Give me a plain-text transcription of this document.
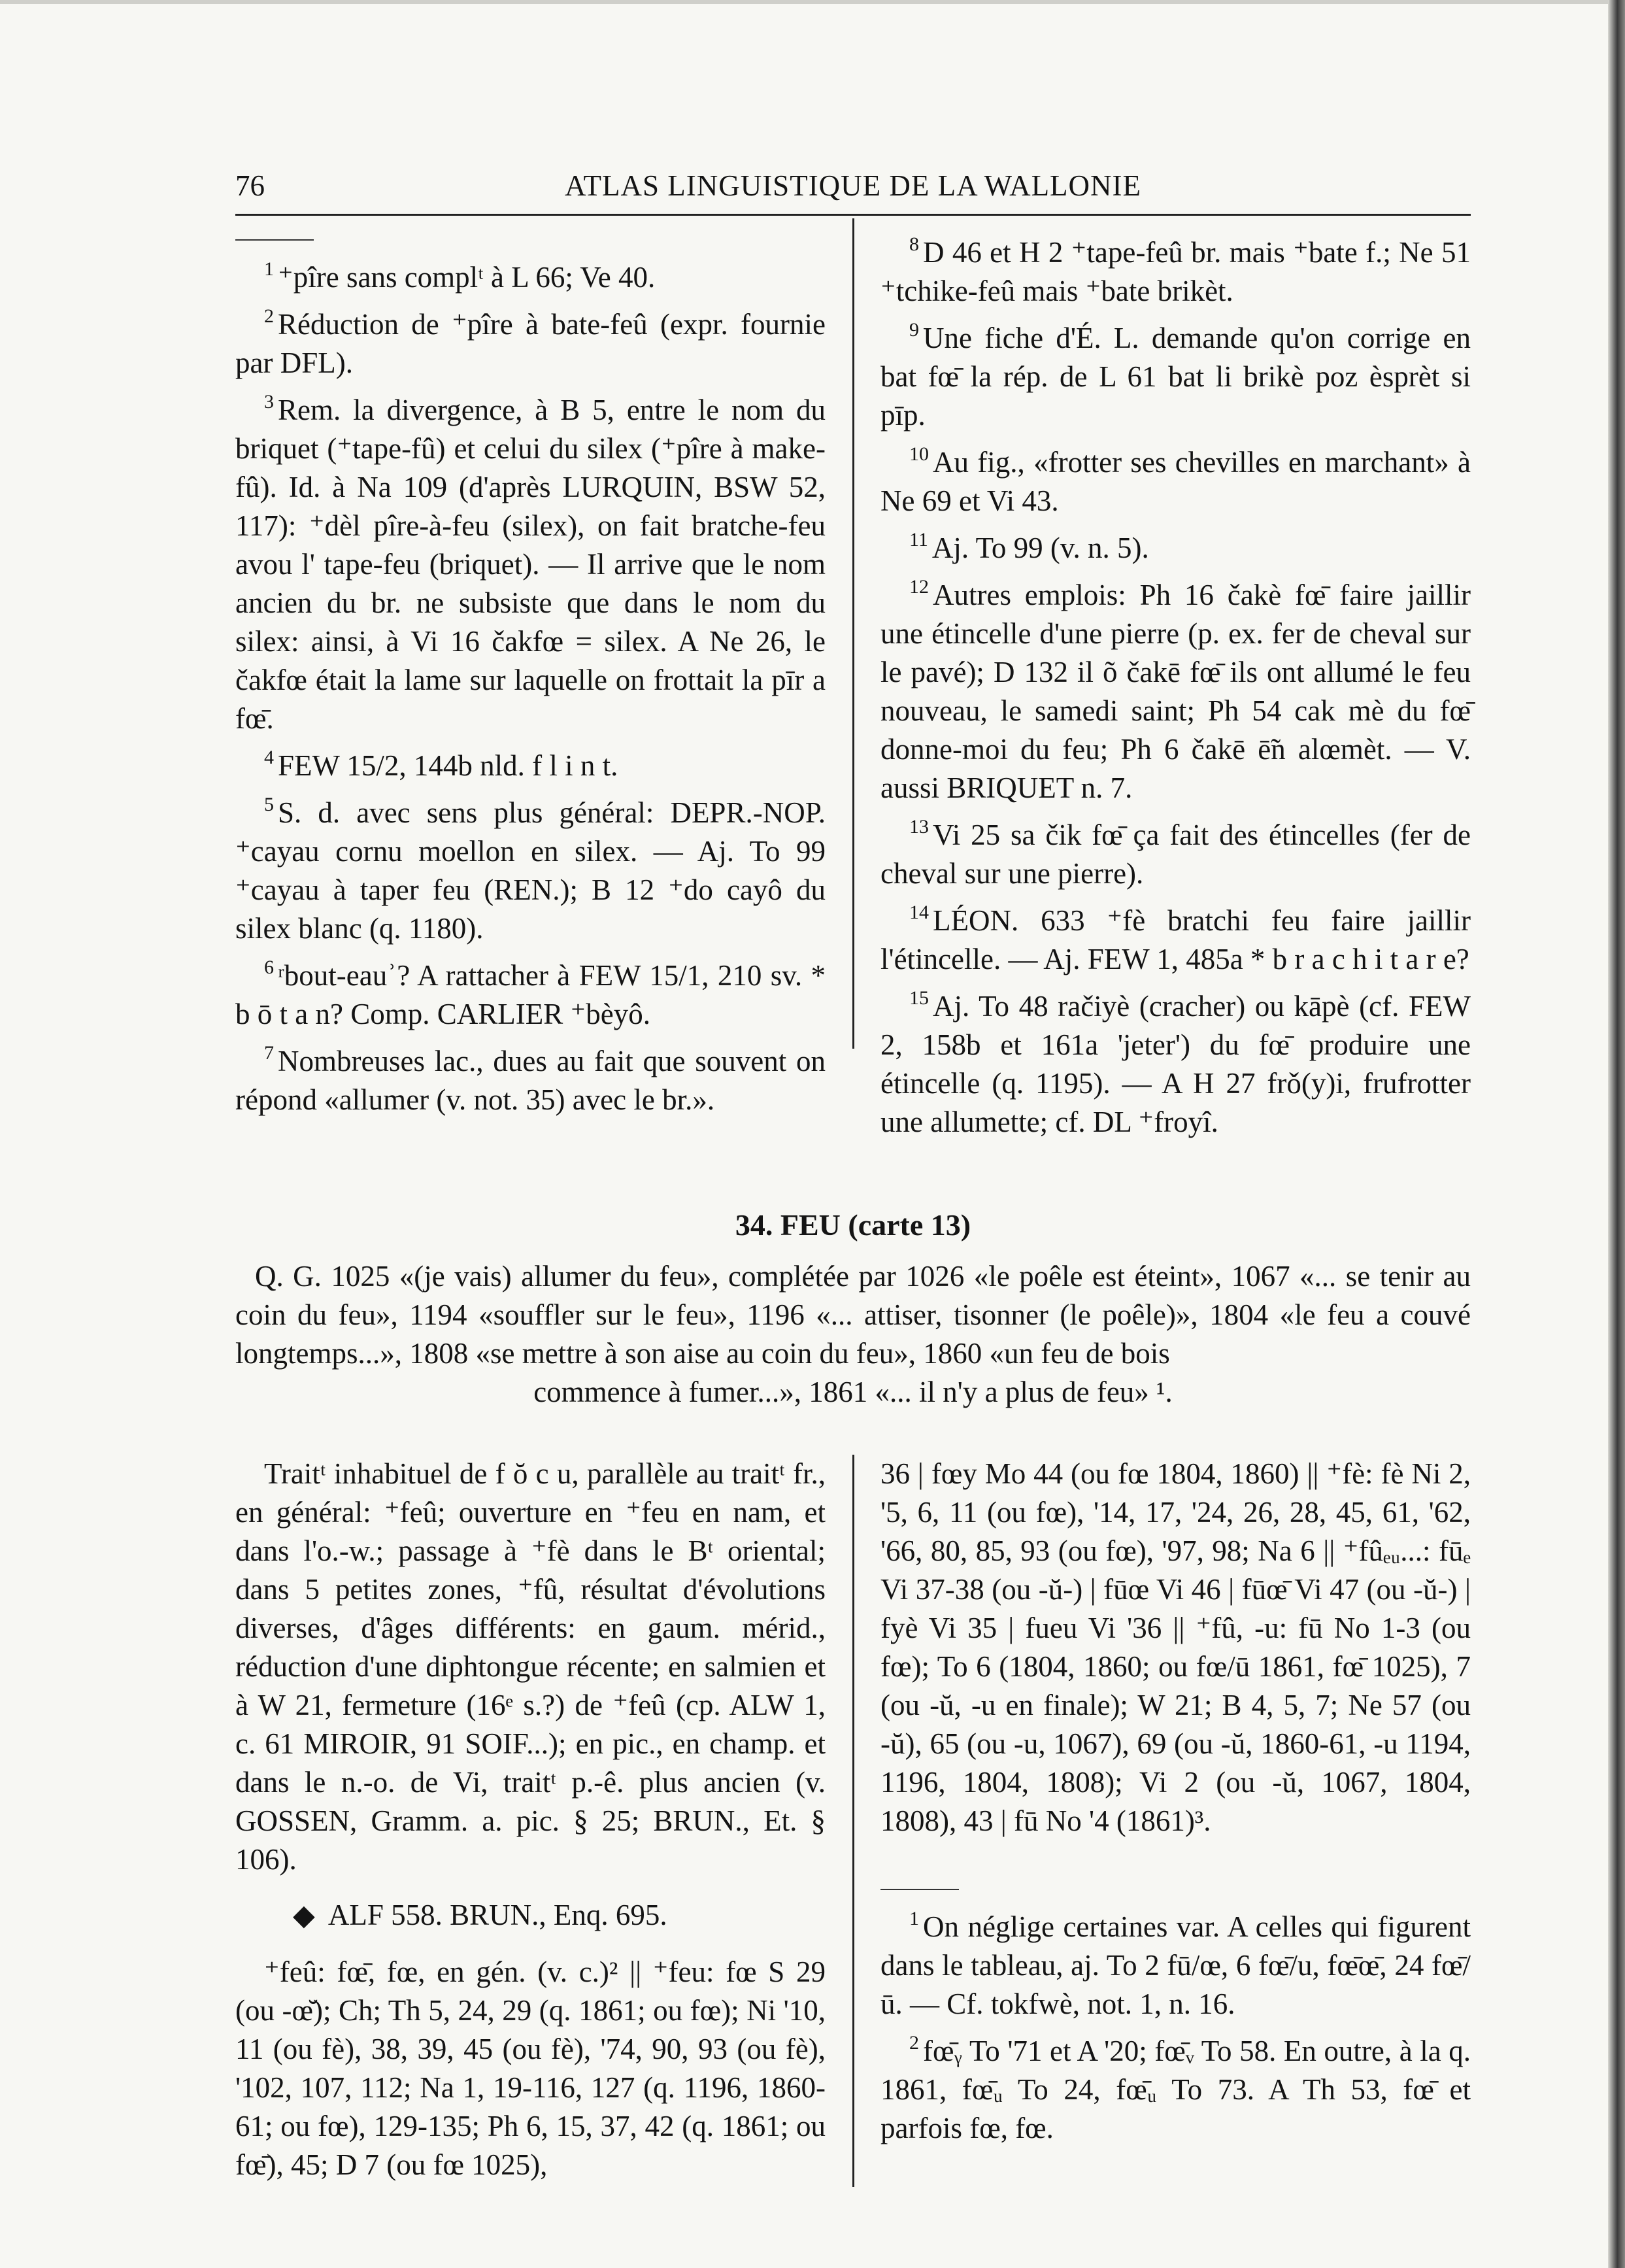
76	ATLAS LINGUISTIQUE DE LA WALLONIE

$^1$ ⁺pîre sans complᵗ à L 66; Ve 40.

$^2$ Réduction de ⁺pîre à bate-feû (expr. fournie par DFL).

$^3$ Rem. la divergence, à B 5, entre le nom du briquet (⁺tape-fû) et celui du silex (⁺pîre à make-fû). Id. à Na 109 (d'après LURQUIN, BSW 52, 117): ⁺dèl pîre-à-feu (silex), on fait bratche-feu avou l' tape-feu (briquet). — Il arrive que le nom ancien du br. ne subsiste que dans le nom du silex: ainsi, à Vi 16 čakfœ = silex. A Ne 26, le čakfœ était la lame sur laquelle on frottait la pīr a fœ̄.

$^4$ FEW 15/2, 144b nld. f l i n t.

$^5$ S. d. avec sens plus général: DEPR.-NOP. ⁺cayau cornu moellon en silex. — Aj. To 99 ⁺cayau à taper feu (REN.); B 12 ⁺do cayô du silex blanc (q. 1180).

$^6$ ʳbout-eauʾ? A rattacher à FEW 15/1, 210 sv. * b ō t a n? Comp. CARLIER ⁺bèyô.

$^7$ Nombreuses lac., dues au fait que souvent on répond «allumer (v. not. 35) avec le br.».

$^8$ D 46 et H 2 ⁺tape-feû br. mais ⁺bate f.; Ne 51 ⁺tchike-feû mais ⁺bate brikèt.

$^9$ Une fiche d'É. L. demande qu'on corrige en bat fœ̄ la rép. de L 61 bat li brikè poz èsprèt si pīp.

$^{10}$ Au fig., «frotter ses chevilles en marchant» à Ne 69 et Vi 43.

$^{11}$ Aj. To 99 (v. n. 5).

$^{12}$ Autres emplois: Ph 16 čakè fœ̄ faire jaillir une étincelle d'une pierre (p. ex. fer de cheval sur le pavé); D 132 il õ čakē fœ̄ ils ont allumé le feu nouveau, le samedi saint; Ph 54 cak mè du fœ̄ donne-moi du feu; Ph 6 čakē ē̃n alœmèt. — V. aussi BRIQUET n. 7.

$^{13}$ Vi 25 sa čik fœ̄ ça fait des étincelles (fer de cheval sur une pierre).

$^{14}$ LÉON. 633 ⁺fè bratchi feu faire jaillir l'étincelle. — Aj. FEW 1, 485a * b r a c h i t a r e?

$^{15}$ Aj. To 48 račiyè (cracher) ou kāpè (cf. FEW 2, 158b et 161a 'jeter') du fœ̄ produire une étincelle (q. 1195). — A H 27 frǒ(y)i, frufrotter une allumette; cf. DL ⁺froyî.

34. FEU (carte 13)

Q. G. 1025 «(je vais) allumer du feu», complétée par 1026 «le poêle est éteint», 1067 «... se tenir au coin du feu», 1194 «souffler sur le feu», 1196 «... attiser, tisonner (le poêle)», 1804 «le feu a couvé longtemps...», 1808 «se mettre à son aise au coin du feu», 1860 «un feu de bois

commence à fumer...», 1861 «... il n'y a plus de feu» ¹.

Traitᵗ inhabituel de f ŏ c u, parallèle au traitᵗ fr., en général: ⁺feû; ouverture en ⁺feu en nam, et dans l'o.-w.; passage à ⁺fè dans le Bᵗ oriental; dans 5 petites zones, ⁺fû, résultat d'évolutions diverses, d'âges différents: en gaum. mérid., réduction d'une diphtongue récente; en salmien et à W 21, fermeture (16ᵉ s.?) de ⁺feû (cp. ALW 1, c. 61 MIROIR, 91 SOIF...); en pic., en champ. et dans le n.-o. de Vi, traitᵗ p.-ê. plus ancien (v. GOSSEN, Gramm. a. pic. § 25; BRUN., Et. § 106).

◆ ALF 558. BRUN., Enq. 695.

⁺feû: fœ̄, fœ, en gén. (v. c.)² || ⁺feu: fœ S 29 (ou -œ̆); Ch; Th 5, 24, 29 (q. 1861; ou fœ); Ni '10, 11 (ou fè), 38, 39, 45 (ou fè), '74, 90, 93 (ou fè), '102, 107, 112; Na 1, 19-116, 127 (q. 1196, 1860-61; ou fœ), 129-135; Ph 6, 15, 37, 42 (q. 1861; ou fœ̄), 45; D 7 (ou fœ 1025),

36 | fœy Mo 44 (ou fœ 1804, 1860) || ⁺fè: fè Ni 2, '5, 6, 11 (ou fœ), '14, 17, '24, 26, 28, 45, 61, '62, '66, 80, 85, 93 (ou fœ), '97, 98; Na 6 || ⁺fûₑᵤ...: fūₑ Vi 37-38 (ou -ŭ-) | fūœ Vi 46 | fūœ̄ Vi 47 (ou -ŭ-) | fyè Vi 35 | fueu Vi '36 || ⁺fû, -u: fū No 1-3 (ou fœ); To 6 (1804, 1860; ou fœ/ū 1861, fœ̄ 1025), 7 (ou -ŭ, -u en finale); W 21; B 4, 5, 7; Ne 57 (ou -ŭ), 65 (ou -u, 1067), 69 (ou -ŭ, 1860-61, -u 1194, 1196, 1804, 1808); Vi 2 (ou -ŭ, 1067, 1804, 1808), 43 | fū No '4 (1861)³.

$^1$ On néglige certaines var. A celles qui figurent dans le tableau, aj. To 2 fū/œ, 6 fœ̄/u, fœ̄œ̄, 24 fœ̄/ū. — Cf. tokfwè, not. 1, n. 16.

$^2$ fœ̄ᵧ To '71 et A '20; fœ̄ᵥ To 58. En outre, à la q. 1861, fœ̄ᵤ To 24, fœ̄ᵤ To 73. A Th 53, fœ̄ et parfois fœ, fœ.
